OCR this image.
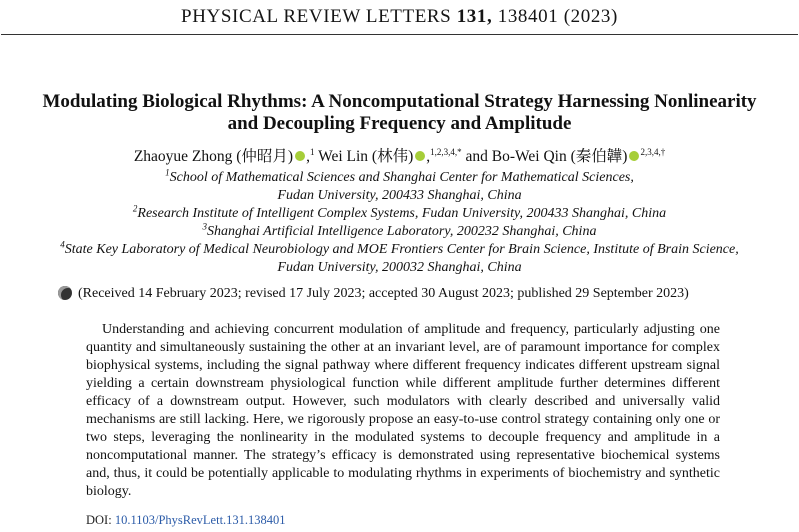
PHYSICAL REVIEW LETTERS 131, 138401 (2023)
Modulating Biological Rhythms: A Noncomputational Strategy Harnessing Nonlinearity
and Decoupling Frequency and Amplitude
Zhaoyue Zhong (仲昭月) ,$^1$ Wei Lin (林伟) ,$^{1,2,3,4,*}$ and Bo-Wei Qin (秦伯韡) $^{2,3,4,\dagger}$
$^1$School of Mathematical Sciences and Shanghai Center for Mathematical Sciences,
Fudan University, 200433 Shanghai, China
$^2$Research Institute of Intelligent Complex Systems, Fudan University, 200433 Shanghai, China
$^3$Shanghai Artificial Intelligence Laboratory, 200232 Shanghai, China
$^4$State Key Laboratory of Medical Neurobiology and MOE Frontiers Center for Brain Science, Institute of Brain Science,
Fudan University, 200032 Shanghai, China
(Received 14 February 2023; revised 17 July 2023; accepted 30 August 2023; published 29 September 2023)

Understanding and achieving concurrent modulation of amplitude and frequency, particularly adjusting one quantity and simultaneously sustaining the other at an invariant level, are of paramount importance for complex biophysical systems, including the signal pathway where different frequency indicates different upstream signal yielding a certain downstream physiological function while different amplitude further determines different efficacy of a downstream output. However, such modulators with clearly described and universally valid mechanisms are still lacking. Here, we rigorously propose an easy-to-use control strategy containing only one or two steps, leveraging the nonlinearity in the modulated systems to decouple frequency and amplitude in a noncomputational manner. The strategy’s efficacy is demonstrated using representative biochemical systems and, thus, it could be potentially applicable to modulating rhythms in experiments of biochemistry and synthetic biology.

DOI: 10.1103/PhysRevLett.131.138401
